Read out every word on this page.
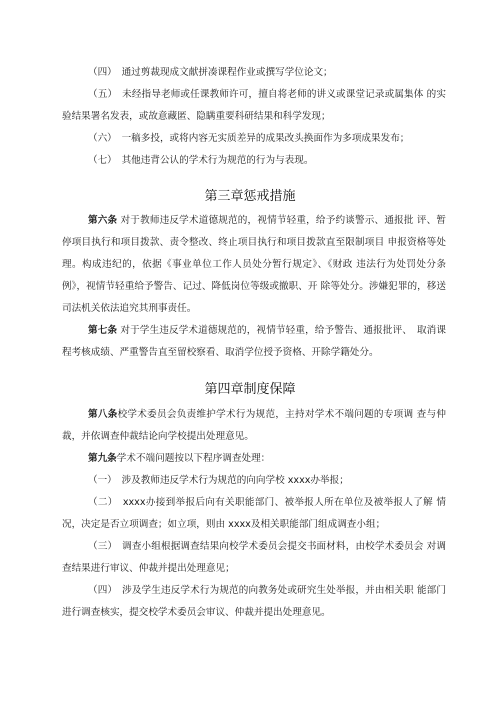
（四）　通过剪裁现成文献拼凑课程作业或撰写学位论文；
（五）　未经指导老师或任课教师许可，擅自将老师的讲义或课堂记录或属集体 的实验结果署名发表，或故意藏匿、隐瞒重要科研结果和科学发现；
（六）　一稿多投，或将内容无实质差异的成果改头换面作为多项成果发布；
（七）　其他违背公认的学术行为规范的行为与表现。
第三章惩戒措施
第六条 对于教师违反学术道德规范的，视情节轻重，给予约谈警示、通报批 评、暂停项目执行和项目拨款、责令整改、终止项目执行和项目拨款直至限制项目 申报资格等处理。构成违纪的，依据《事业单位工作人员处分暂行规定》、《财政 违法行为处罚处分条例》，视情节轻重给予警告、记过、降低岗位等级或撤职、开 除等处分。涉嫌犯罪的，移送司法机关依法追究其刑事责任。
第七条 对于学生违反学术道德规范的，视情节轻重，给予警告、通报批评、　取消课程考核成绩、严重警告直至留校察看、取消学位授予资格、开除学籍处分。
第四章制度保障
第八条校学术委员会负责维护学术行为规范，主持对学术不端问题的专项调 查与仲裁，并依调查仲裁结论向学校提出处理意见。
第九条学术不端问题按以下程序调查处理：
（一）　涉及教师违反学术行为规范的向向学校 xxxx办举报；
（二）　xxxx办接到举报后向有关职能部门、被举报人所在单位及被举报人了解 情况，决定是否立项调查；如立项，则由 xxxx及相关职能部门组成调查小组；
（三）　调查小组根据调查结果向校学术委员会提交书面材料，由校学术委员会 对调查结果进行审议、仲裁并提出处理意见；
（四）　涉及学生违反学术行为规范的向教务处或研究生处举报，并由相关职 能部门进行调查核实，提交校学术委员会审议、仲裁并提出处理意见。
